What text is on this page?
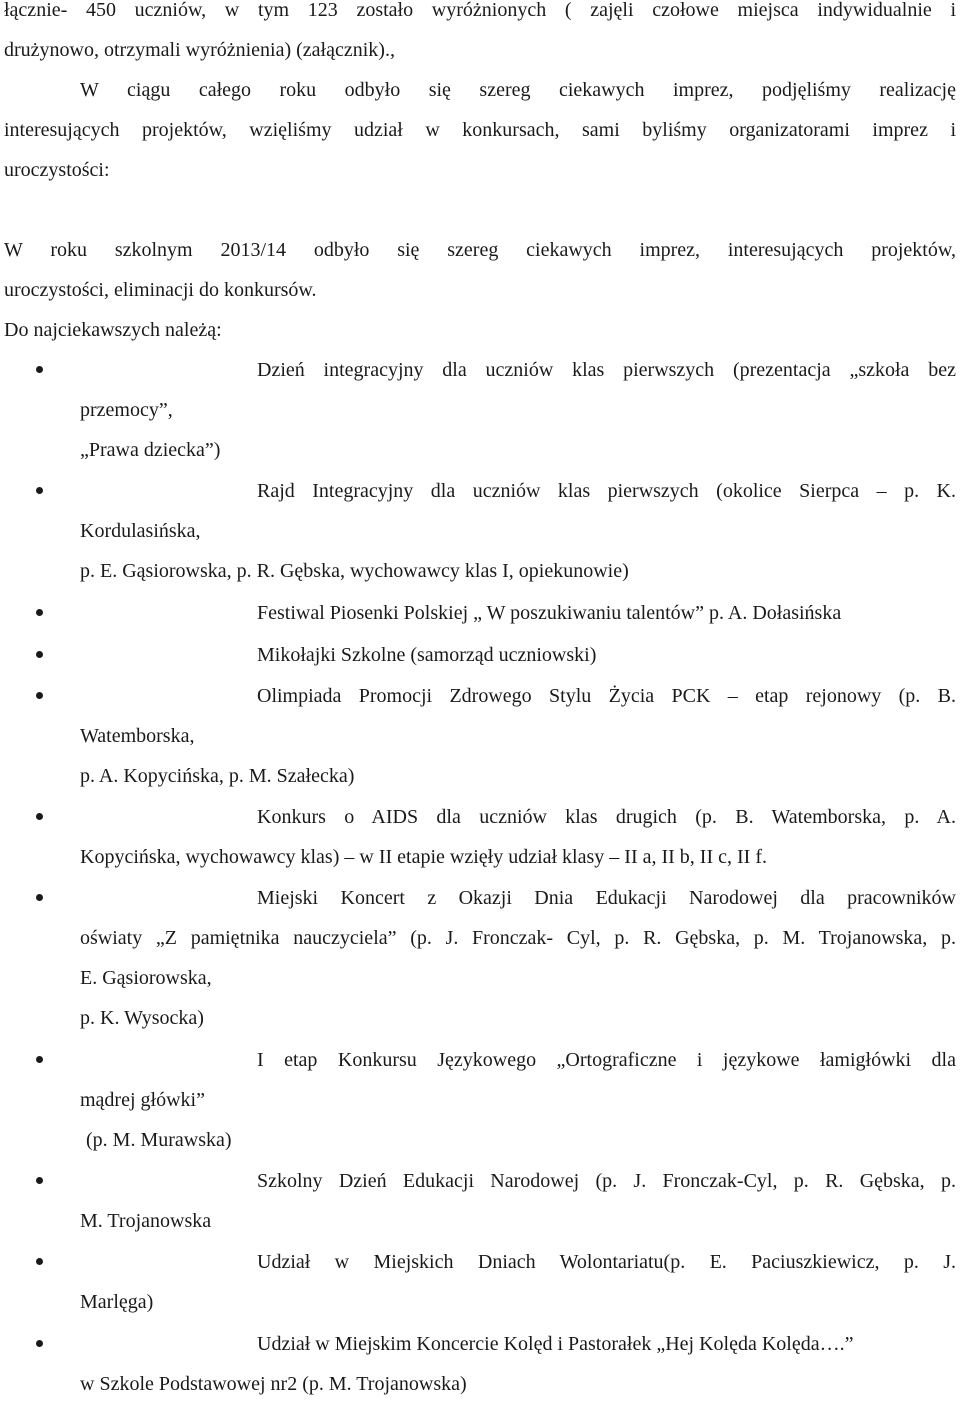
łącznie- 450 uczniów, w tym 123 zostało wyróżnionych ( zajęli czołowe miejsca indywidualnie i
drużynowo, otrzymali wyróżnienia) (załącznik).,
W ciągu całego roku odbyło się szereg ciekawych imprez, podjęliśmy realizację
interesujących projektów, wzięliśmy udział w konkursach, sami byliśmy organizatorami imprez i
uroczystości:
W roku szkolnym 2013/14 odbyło się szereg ciekawych imprez, interesujących projektów,
uroczystości, eliminacji do konkursów.
Do najciekawszych należą:
Dzień integracyjny dla uczniów klas pierwszych (prezentacja „szkoła bez
przemocy”,
„Prawa dziecka”)
Rajd Integracyjny dla uczniów klas pierwszych (okolice Sierpca – p. K.
Kordulasińska,
p. E. Gąsiorowska, p. R. Gębska, wychowawcy klas I, opiekunowie)
Festiwal Piosenki Polskiej „ W poszukiwaniu talentów” p. A. Dołasińska
Mikołajki Szkolne (samorząd uczniowski)
Olimpiada Promocji Zdrowego Stylu Życia PCK – etap rejonowy (p. B.
Watemborska,
p. A. Kopycińska, p. M. Szałecka)
Konkurs o AIDS dla uczniów klas drugich (p. B. Watemborska, p. A.
Kopycińska, wychowawcy klas) – w II etapie wzięły udział klasy – II a, II b, II c, II f.
Miejski Koncert z Okazji Dnia Edukacji Narodowej dla pracowników
oświaty „Z pamiętnika nauczyciela” (p. J. Fronczak- Cyl, p. R. Gębska, p. M. Trojanowska, p.
E. Gąsiorowska,
p. K. Wysocka)
I etap Konkursu Językowego „Ortograficzne i językowe łamigłówki dla
mądrej główki”
(p. M. Murawska)
Szkolny Dzień Edukacji Narodowej (p. J. Fronczak-Cyl, p. R. Gębska, p.
M. Trojanowska
Udział w Miejskich Dniach Wolontariatu(p. E. Paciuszkiewicz, p. J.
Marlęga)
Udział w Miejskim Koncercie Kolęd i Pastorałek „Hej Kolęda Kolęda….”
w Szkole Podstawowej nr2 (p. M. Trojanowska)
